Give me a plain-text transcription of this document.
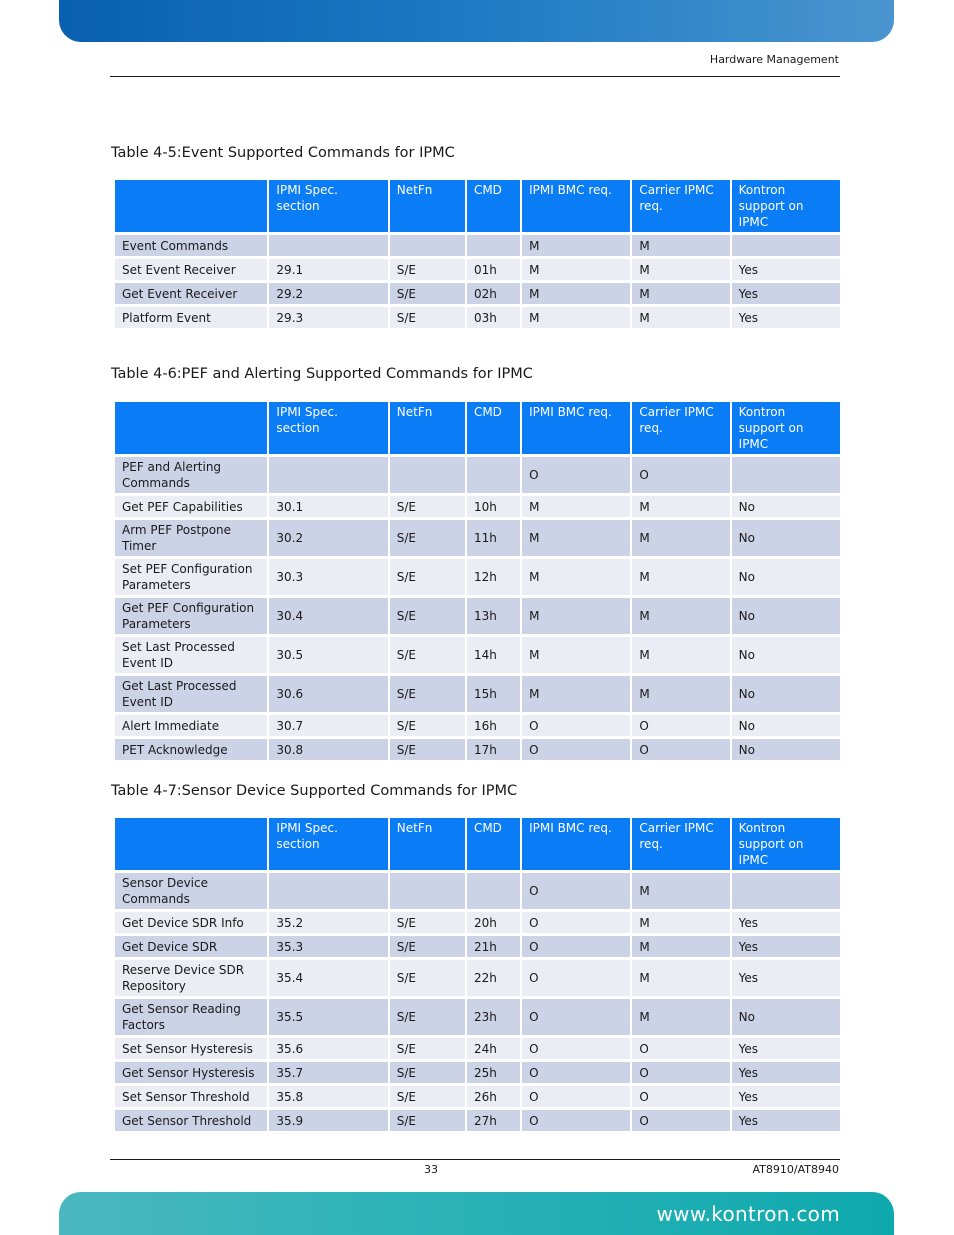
Hardware Management
Table 4-5:Event Supported Commands for IPMC
	IPMI Spec. section	NetFn	CMD	IPMI BMC req.	Carrier IPMC req.	Kontron support on IPMC
Event Commands				M	M	
Set Event Receiver	29.1	S/E	01h	M	M	Yes
Get Event Receiver	29.2	S/E	02h	M	M	Yes
Platform Event	29.3	S/E	03h	M	M	Yes
Table 4-6:PEF and Alerting Supported Commands for IPMC
	IPMI Spec. section	NetFn	CMD	IPMI BMC req.	Carrier IPMC req.	Kontron support on IPMC
PEF and Alerting Commands				O	O	
Get PEF Capabilities	30.1	S/E	10h	M	M	No
Arm PEF Postpone Timer	30.2	S/E	11h	M	M	No
Set PEF Configuration Parameters	30.3	S/E	12h	M	M	No
Get PEF Configuration Parameters	30.4	S/E	13h	M	M	No
Set Last Processed Event ID	30.5	S/E	14h	M	M	No
Get Last Processed Event ID	30.6	S/E	15h	M	M	No
Alert Immediate	30.7	S/E	16h	O	O	No
PET Acknowledge	30.8	S/E	17h	O	O	No
Table 4-7:Sensor Device Supported Commands for IPMC
	IPMI Spec. section	NetFn	CMD	IPMI BMC req.	Carrier IPMC req.	Kontron support on IPMC
Sensor Device Commands				O	M	
Get Device SDR Info	35.2	S/E	20h	O	M	Yes
Get Device SDR	35.3	S/E	21h	O	M	Yes
Reserve Device SDR Repository	35.4	S/E	22h	O	M	Yes
Get Sensor Reading Factors	35.5	S/E	23h	O	M	No
Set Sensor Hysteresis	35.6	S/E	24h	O	O	Yes
Get Sensor Hysteresis	35.7	S/E	25h	O	O	Yes
Set Sensor Threshold	35.8	S/E	26h	O	O	Yes
Get Sensor Threshold	35.9	S/E	27h	O	O	Yes
33	AT8910/AT8940
www.kontron.com
